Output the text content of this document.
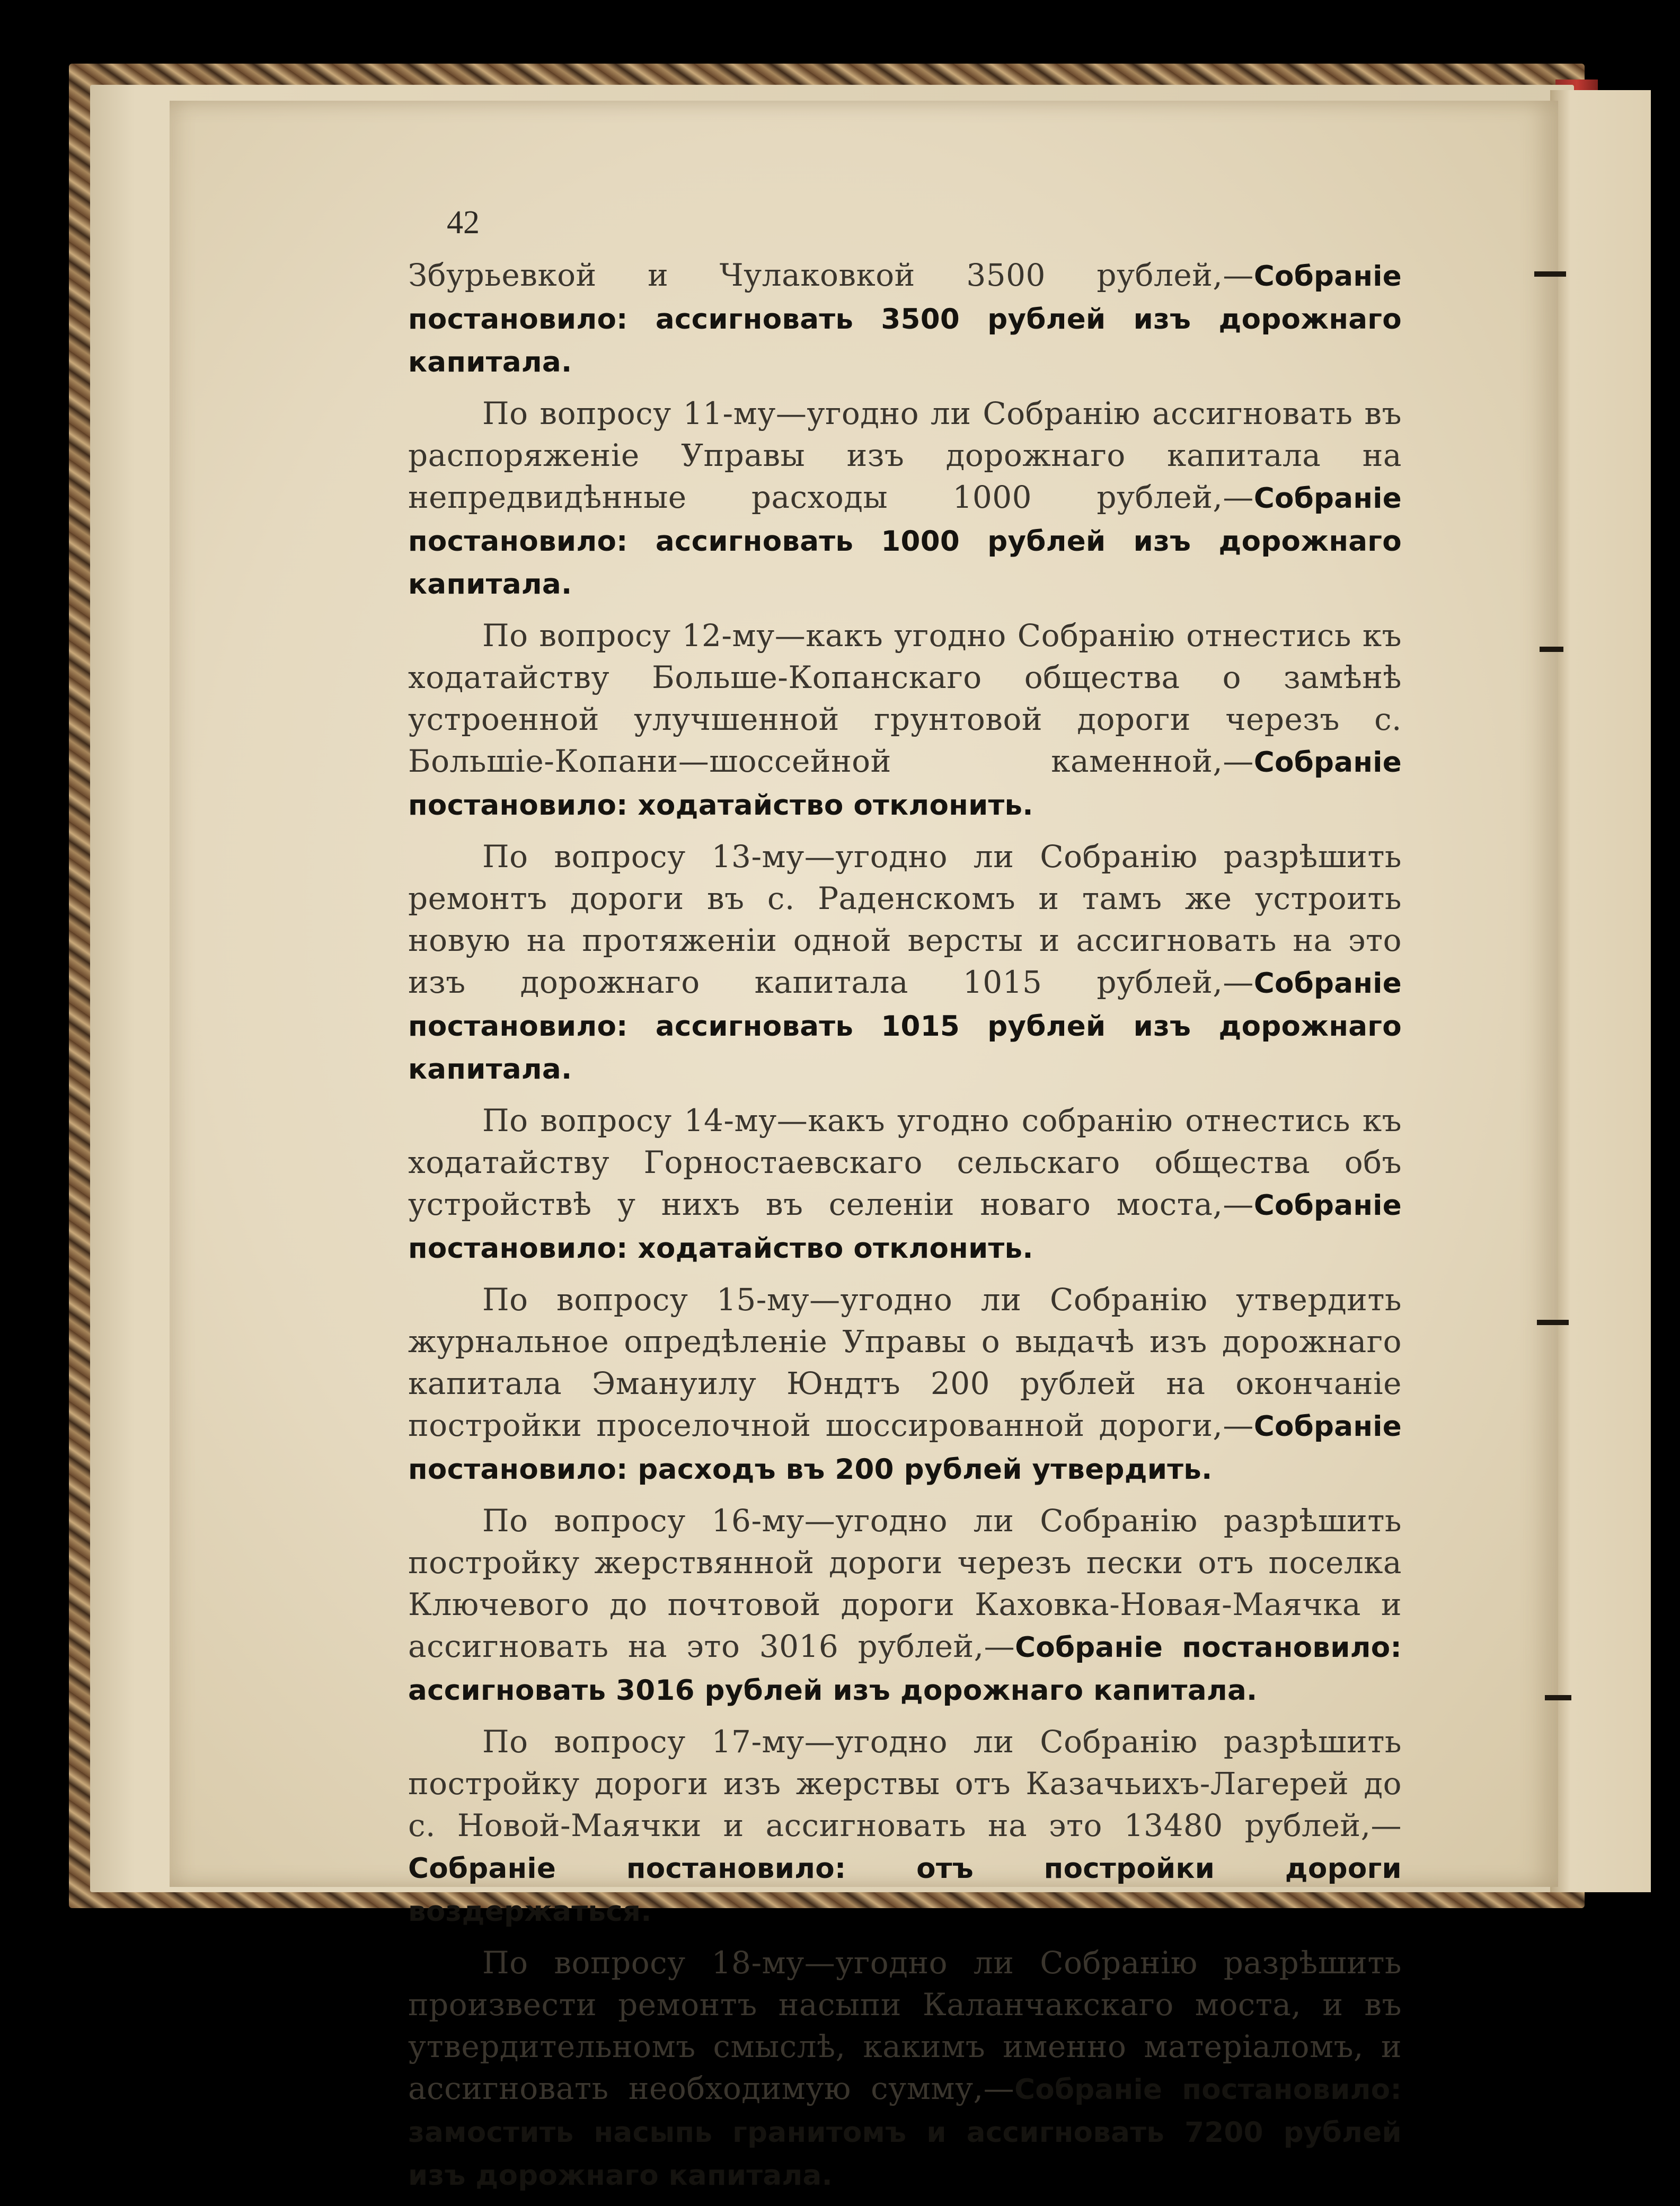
42

Збурьевкой и Чулаковкой 3500 рублей,—Собраніе постановило: ассигновать 3500 рублей изъ дорожнаго капитала.

По вопросу 11-му—угодно ли Собранію ассигновать въ распоряженіе Управы изъ дорожнаго капитала на непредвидѣнные расходы 1000 рублей,—Собраніе постановило: ассигновать 1000 рублей изъ дорожнаго капитала.

По вопросу 12-му—какъ угодно Собранію отнестись къ ходатайству Больше-Копанскаго общества о замѣнѣ устроенной улучшенной грунтовой дороги черезъ с. Большіе-Копани—шоссейной каменной,—Собраніе постановило: ходатайство отклонить.

По вопросу 13-му—угодно ли Собранію разрѣшить ремонтъ дороги въ с. Раденскомъ и тамъ же устроить новую на протяженіи одной версты и ассигновать на это изъ дорожнаго капитала 1015 рублей,—Собраніе постановило: ассигновать 1015 рублей изъ дорожнаго капитала.

По вопросу 14-му—какъ угодно собранію отнестись къ ходатайству Горностаевскаго сельскаго общества объ устройствѣ у нихъ въ селеніи новаго моста,—Собраніе постановило: ходатайство отклонить.

По вопросу 15-му—угодно ли Собранію утвердить журнальное опредѣленіе Управы о выдачѣ изъ дорожнаго капитала Эмануилу Юндтъ 200 рублей на окончаніе постройки проселочной шоссированной дороги,—Собраніе постановило: расходъ въ 200 рублей утвердить.

По вопросу 16-му—угодно ли Собранію разрѣшить постройку жерствянной дороги черезъ пески отъ поселка Ключевого до почтовой дороги Каховка-Новая-Маячка и ассигновать на это 3016 рублей,—Собраніе постановило: ассигновать 3016 рублей изъ дорожнаго капитала.

По вопросу 17-му—угодно ли Собранію разрѣшить постройку дороги изъ жерствы отъ Казачьихъ-Лагерей до с. Новой-Маячки и ассигновать на это 13480 рублей,—Собраніе постановило: отъ постройки дороги воздержаться.

По вопросу 18-му—угодно ли Собранію разрѣшить произвести ремонтъ насыпи Каланчакскаго моста, и въ утвердительномъ смыслѣ, какимъ именно матеріаломъ, и ассигновать необходимую сумму,—Собраніе постановило: замостить насыпь гранитомъ и ассигновать 7200 рублей изъ дорожнаго капитала.
